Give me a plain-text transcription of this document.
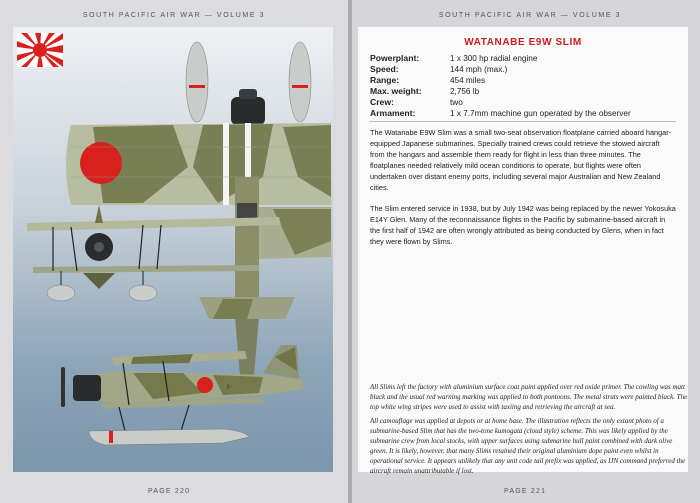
SOUTH PACIFIC AIR WAR — VOLUME 3
I-
PAGE 220
SOUTH PACIFIC AIR WAR — VOLUME 3
PAGE 221
WATANABE E9W SLIM
Powerplant:	1 x 300 hp radial engine
Speed:	144 mph (max.)
Range:	454 miles
Max. weight:	2,756 lb
Crew:	two
Armament:	1 x 7.7mm machine gun operated by the observer

The Watanabe E9W Slim was a small two-seat observation floatplane carried aboard hangar-equipped Japanese submarines. Specially trained crews could retrieve the stowed aircraft from the hangars and assemble them ready for flight in less than three minutes. The floatplanes needed relatively mild ocean conditions to operate, but flights were often undertaken over distant enemy ports, including several major Australian and New Zealand cities.

The Slim entered service in 1938, but by July 1942 was being replaced by the newer Yokosuka E14Y Glen. Many of the reconnaissance flights in the Pacific by submarine-based aircraft in the first half of 1942 are often wrongly attributed as being conducted by Glens, when in fact they were flown by Slims.

All Slims left the factory with aluminium surface coat paint applied over red oxide primer. The cowling was matt black and the usual red warning marking was applied to both pontoons. The metal struts were painted black. The top white wing stripes were used to assist with taxiing and retrieving the aircraft at sea.

All camouflage was applied at depots or at home base. The illustration reflects the only extant photo of a submarine-based Slim that has the two-tone kumogata (cloud style) scheme. This was likely applied by the submarine crew from local stocks, with upper surfaces using submarine hull paint combined with dark olive green. It is likely, however, that many Slims retained their original aluminium dope paint even whilst in operational service. It appears unlikely that any unit code tail prefix was applied, as IJN command preferred the aircraft remain unattributable if lost.
